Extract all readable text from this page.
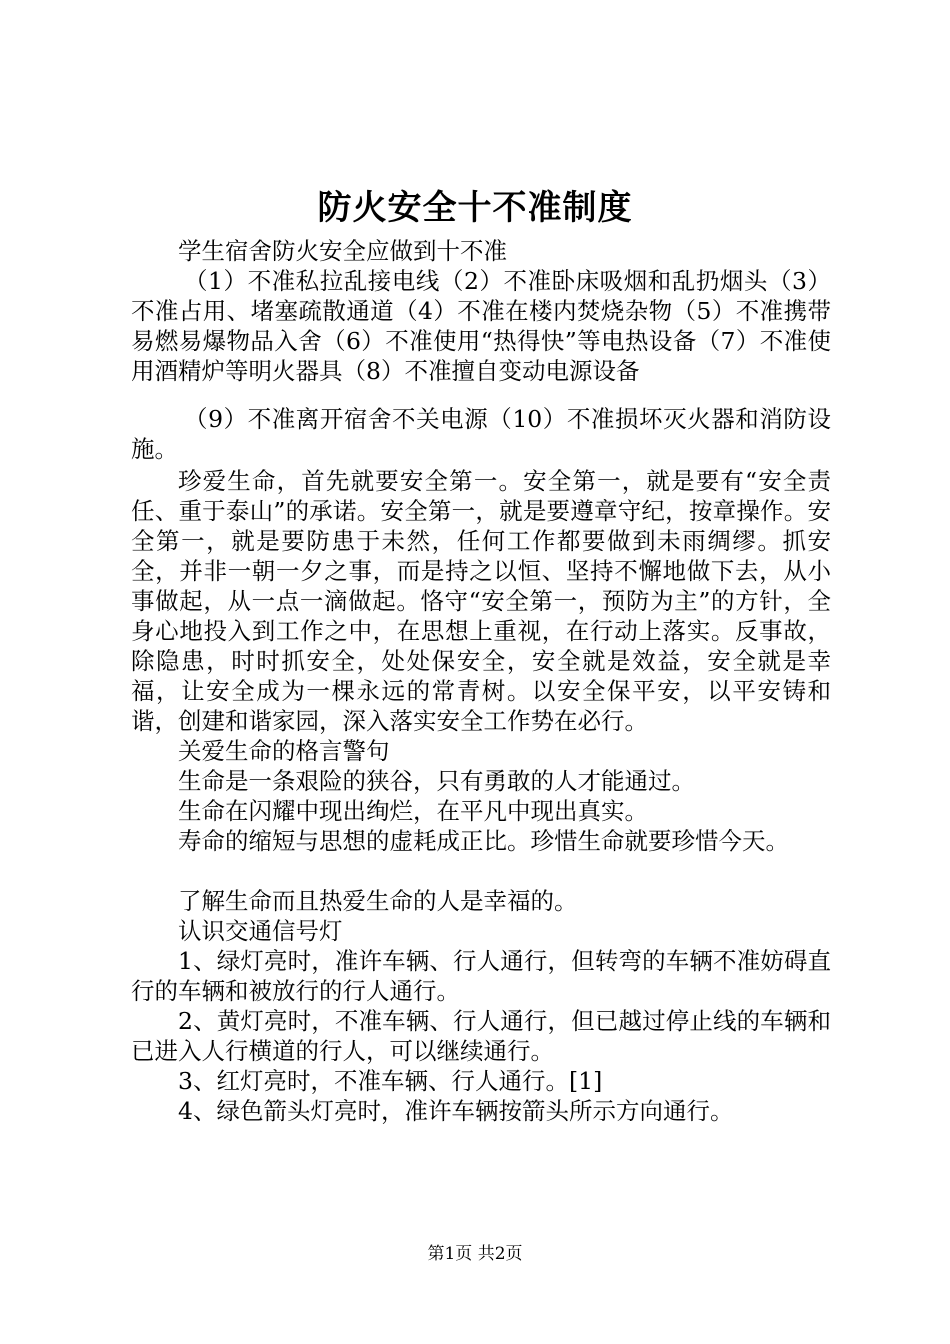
防火安全十不准制度

学生宿舍防火安全应做到十不准

（1）不准私拉乱接电线（2）不准卧床吸烟和乱扔烟头（3）不准占用、堵塞疏散通道（4）不准在楼内焚烧杂物（5）不准携带易燃易爆物品入舍（6）不准使用“热得快”等电热设备（7）不准使用酒精炉等明火器具（8）不准擅自变动电源设备

（9）不准离开宿舍不关电源（10）不准损坏灭火器和消防设施。

珍爱生命，首先就要安全第一。安全第一，就是要有“安全责任、重于泰山”的承诺。安全第一，就是要遵章守纪，按章操作。安全第一，就是要防患于未然，任何工作都要做到未雨绸缪。抓安全，并非一朝一夕之事，而是持之以恒、坚持不懈地做下去，从小事做起，从一点一滴做起。恪守“安全第一，预防为主”的方针，全身心地投入到工作之中，在思想上重视，在行动上落实。反事故，除隐患，时时抓安全，处处保安全，安全就是效益，安全就是幸福，让安全成为一棵永远的常青树。以安全保平安，以平安铸和谐，创建和谐家园，深入落实安全工作势在必行。

关爱生命的格言警句

生命是一条艰险的狭谷，只有勇敢的人才能通过。

生命在闪耀中现出绚烂，在平凡中现出真实。

寿命的缩短与思想的虚耗成正比。珍惜生命就要珍惜今天。

了解生命而且热爱生命的人是幸福的。

认识交通信号灯

1、绿灯亮时，准许车辆、行人通行，但转弯的车辆不准妨碍直行的车辆和被放行的行人通行。

2、黄灯亮时，不准车辆、行人通行，但已越过停止线的车辆和已进入人行横道的行人，可以继续通行。

3、红灯亮时，不准车辆、行人通行。[1]

4、绿色箭头灯亮时，准许车辆按箭头所示方向通行。

第1页 共2页
